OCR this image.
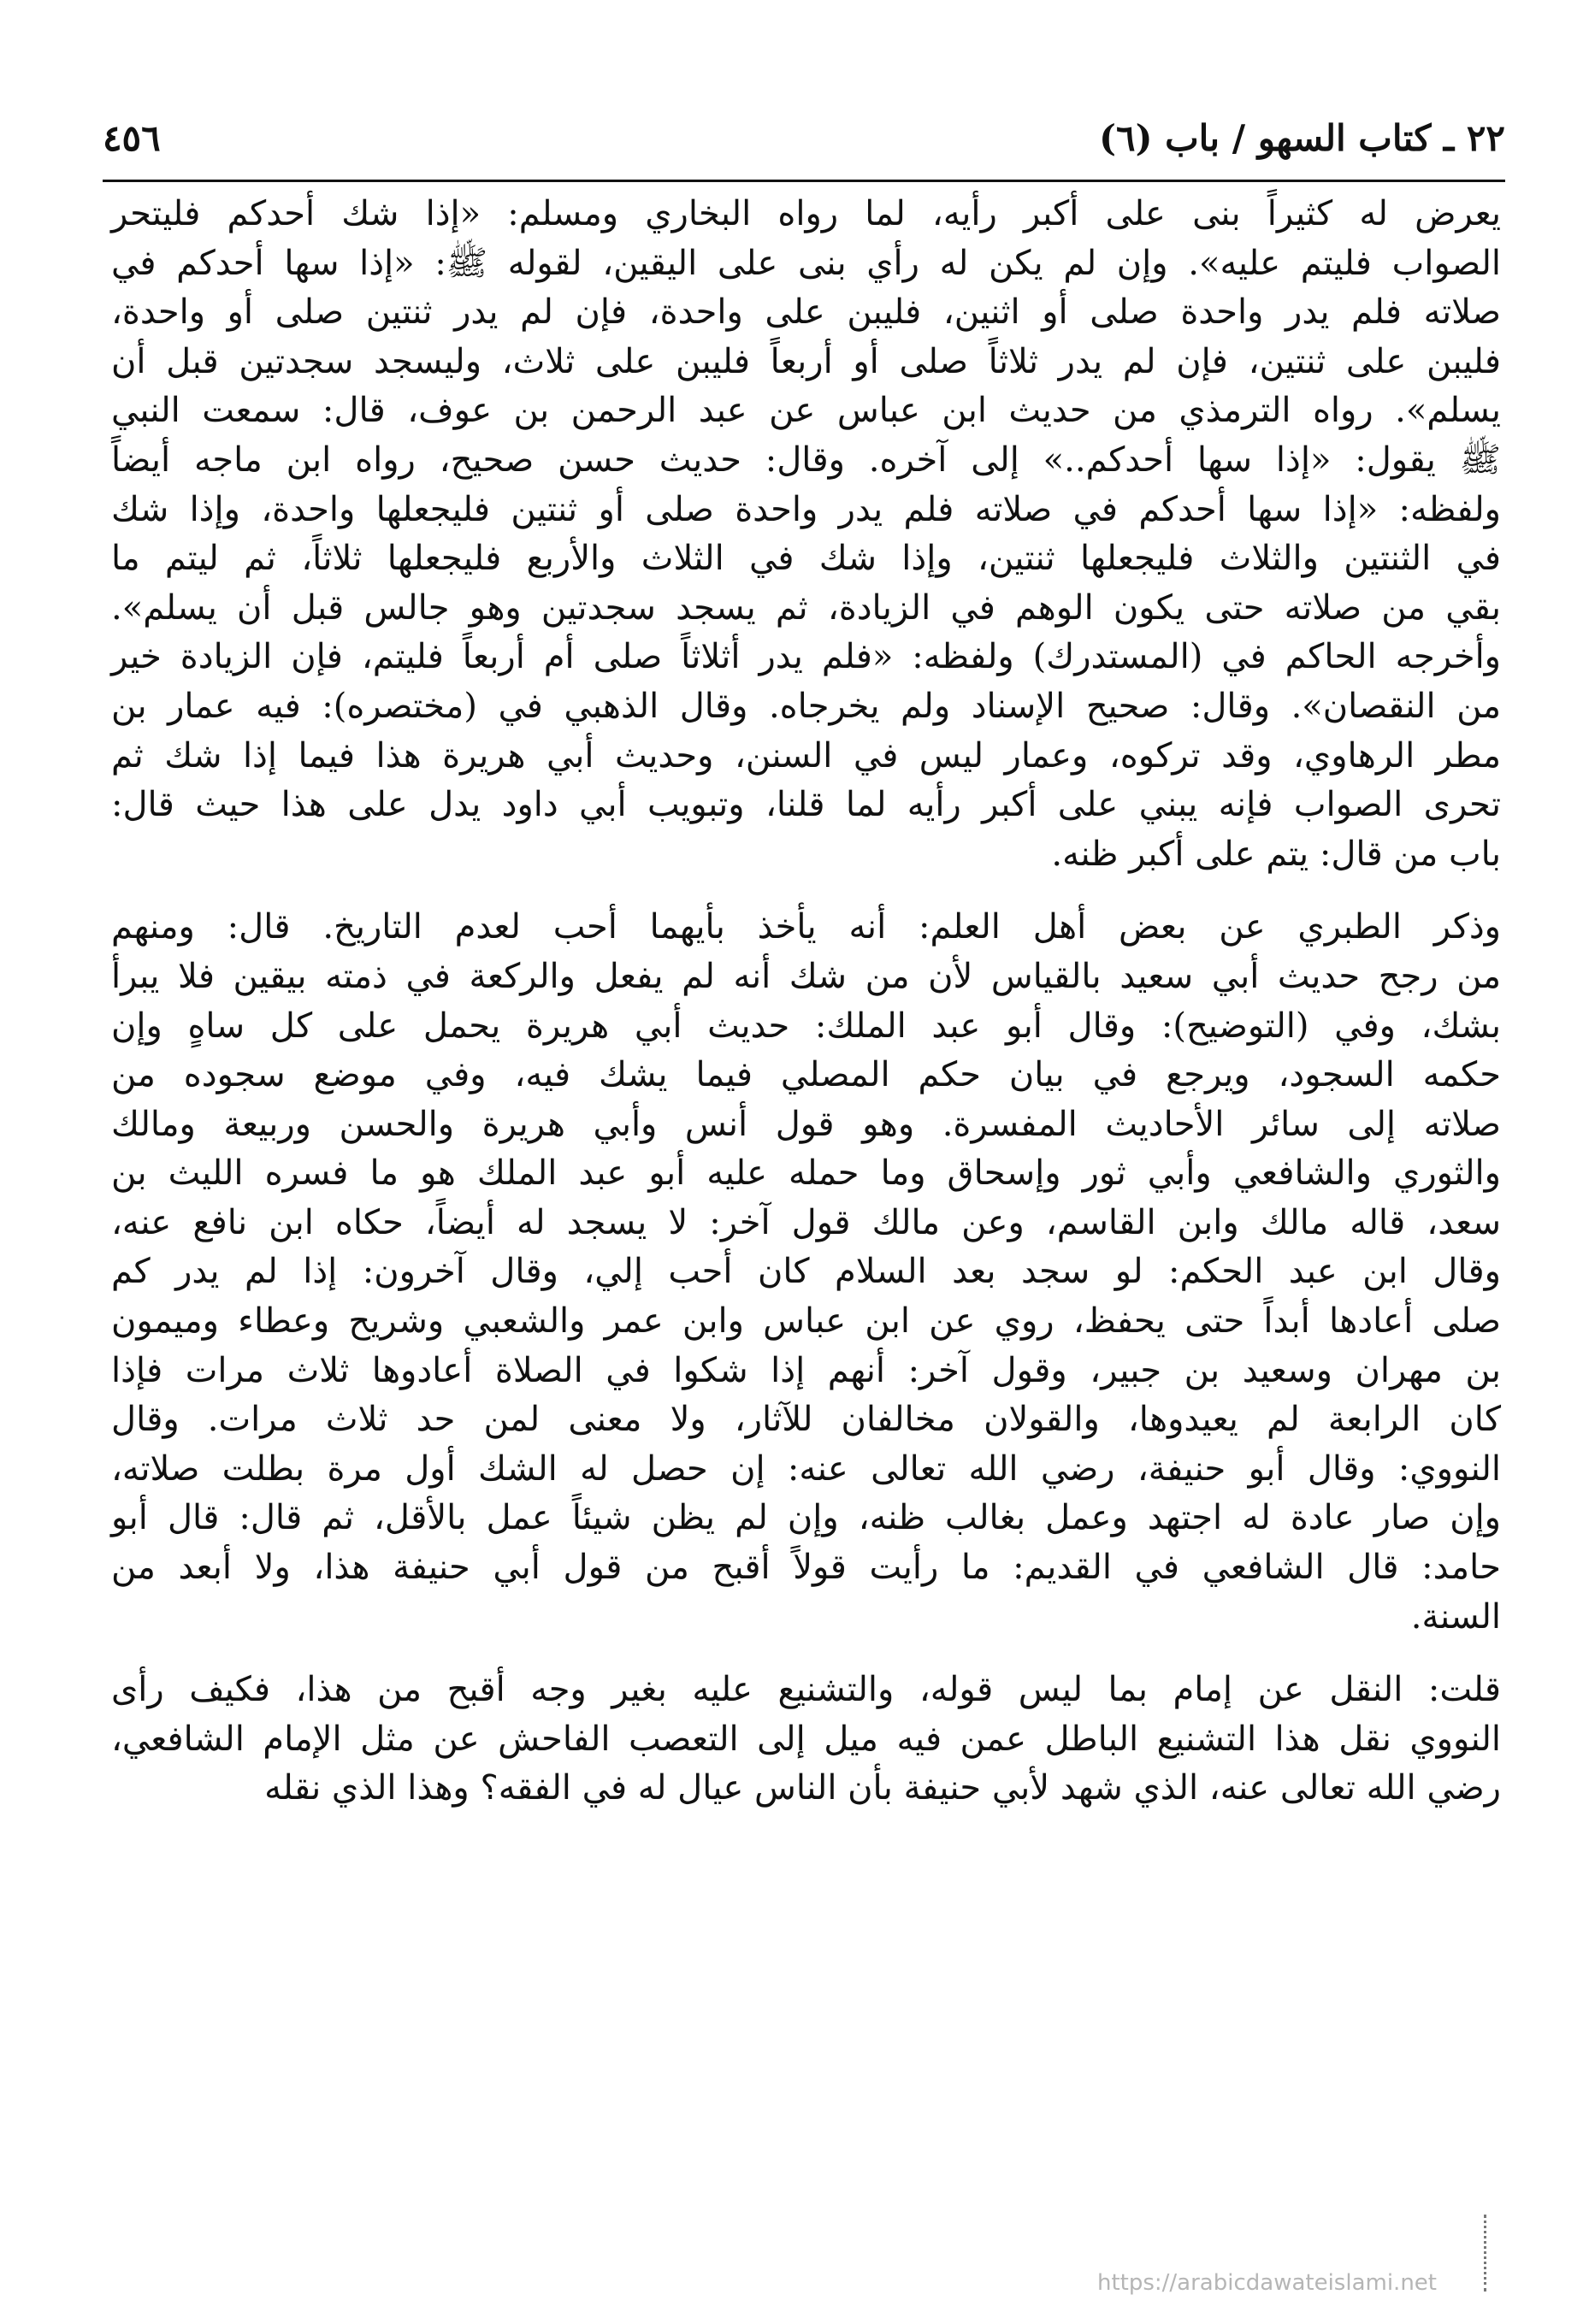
٢٢ ـ كتاب السهو / باب (٦)
٤٥٦
يعرض له كثيراً بنى على أكبر رأيه، لما رواه البخاري ومسلم: «إذا شك أحدكم فليتحر
الصواب فليتم عليه». وإن لم يكن له رأي بنى على اليقين، لقوله ﷺ: «إذا سها أحدكم في
صلاته فلم يدر واحدة صلى أو اثنين، فليبن على واحدة، فإن لم يدر ثنتين صلى أو واحدة،
فليبن على ثنتين، فإن لم يدر ثلاثاً صلى أو أربعاً فليبن على ثلاث، وليسجد سجدتين قبل أن
يسلم». رواه الترمذي من حديث ابن عباس عن عبد الرحمن بن عوف، قال: سمعت النبي
ﷺ يقول: «إذا سها أحدكم..» إلى آخره. وقال: حديث حسن صحيح، رواه ابن ماجه أيضاً
ولفظه: «إذا سها أحدكم في صلاته فلم يدر واحدة صلى أو ثنتين فليجعلها واحدة، وإذا شك
في الثنتين والثلاث فليجعلها ثنتين، وإذا شك في الثلاث والأربع فليجعلها ثلاثاً، ثم ليتم ما
بقي من صلاته حتى يكون الوهم في الزيادة، ثم يسجد سجدتين وهو جالس قبل أن يسلم».
وأخرجه الحاكم في (المستدرك) ولفظه: «فلم يدر أثلاثاً صلى أم أربعاً فليتم، فإن الزيادة خير
من النقصان». وقال: صحيح الإسناد ولم يخرجاه. وقال الذهبي في (مختصره): فيه عمار بن
مطر الرهاوي، وقد تركوه، وعمار ليس في السنن، وحديث أبي هريرة هذا فيما إذا شك ثم
تحرى الصواب فإنه يبني على أكبر رأيه لما قلنا، وتبويب أبي داود يدل على هذا حيث قال:
باب من قال: يتم على أكبر ظنه.
وذكر الطبري عن بعض أهل العلم: أنه يأخذ بأيهما أحب لعدم التاريخ. قال: ومنهم
من رجح حديث أبي سعيد بالقياس لأن من شك أنه لم يفعل والركعة في ذمته بيقين فلا يبرأ
بشك، وفي (التوضيح): وقال أبو عبد الملك: حديث أبي هريرة يحمل على كل ساهٍ وإن
حكمه السجود، ويرجع في بيان حكم المصلي فيما يشك فيه، وفي موضع سجوده من
صلاته إلى سائر الأحاديث المفسرة. وهو قول أنس وأبي هريرة والحسن وربيعة ومالك
والثوري والشافعي وأبي ثور وإسحاق وما حمله عليه أبو عبد الملك هو ما فسره الليث بن
سعد، قاله مالك وابن القاسم، وعن مالك قول آخر: لا يسجد له أيضاً، حكاه ابن نافع عنه،
وقال ابن عبد الحكم: لو سجد بعد السلام كان أحب إلي، وقال آخرون: إذا لم يدر كم
صلى أعادها أبداً حتى يحفظ، روي عن ابن عباس وابن عمر والشعبي وشريح وعطاء وميمون
بن مهران وسعيد بن جبير، وقول آخر: أنهم إذا شكوا في الصلاة أعادوها ثلاث مرات فإذا
كان الرابعة لم يعيدوها، والقولان مخالفان للآثار، ولا معنى لمن حد ثلاث مرات. وقال
النووي: وقال أبو حنيفة، رضي الله تعالى عنه: إن حصل له الشك أول مرة بطلت صلاته،
وإن صار عادة له اجتهد وعمل بغالب ظنه، وإن لم يظن شيئاً عمل بالأقل، ثم قال: قال أبو
حامد: قال الشافعي في القديم: ما رأيت قولاً أقبح من قول أبي حنيفة هذا، ولا أبعد من
السنة.
قلت: النقل عن إمام بما ليس قوله، والتشنيع عليه بغير وجه أقبح من هذا، فكيف رأى
النووي نقل هذا التشنيع الباطل عمن فيه ميل إلى التعصب الفاحش عن مثل الإمام الشافعي،
رضي الله تعالى عنه، الذي شهد لأبي حنيفة بأن الناس عيال له في الفقه؟ وهذا الذي نقله
https://arabicdawateislami.net
